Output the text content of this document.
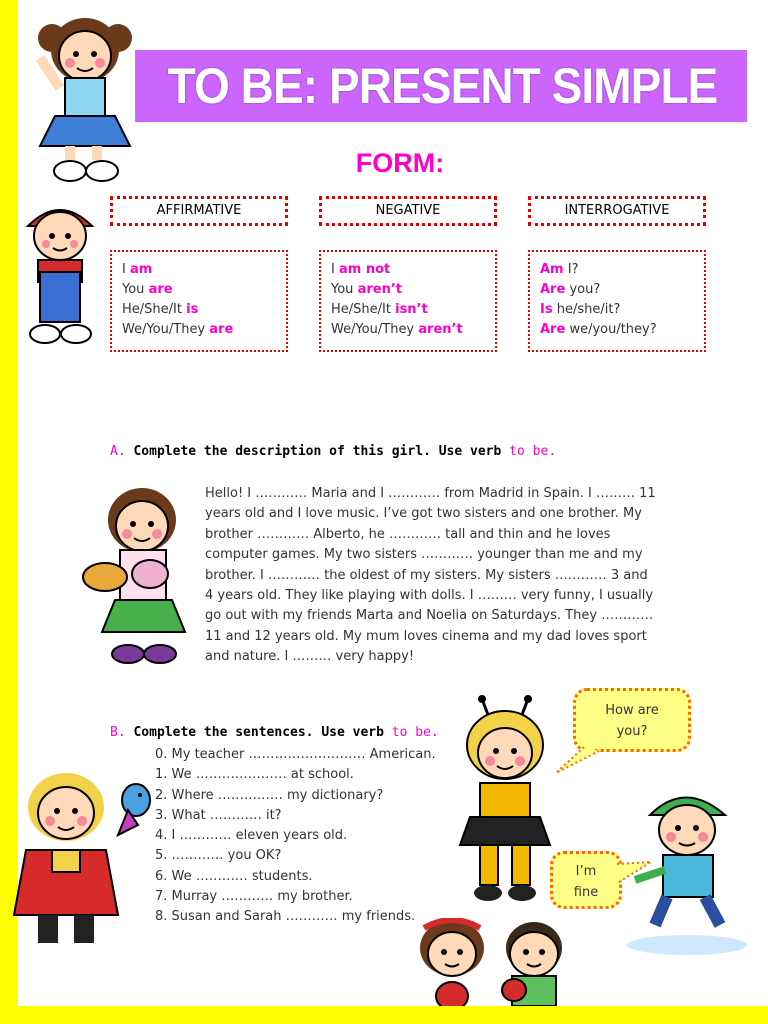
TO BE: PRESENT SIMPLE
FORM:
AFFIRMATIVE	NEGATIVE	INTERROGATIVE
I am
You are
He/She/It is
We/You/They are
I am not
You aren’t
He/She/It isn’t
We/You/They aren’t
Am I?
Are you?
Is he/she/it?
Are we/you/they?
A. Complete the description of this girl. Use verb to be.
Hello! I ………… Maria and I ………… from Madrid in Spain. I ……… 11 years old and I love music. I’ve got two sisters and one brother. My brother ………… Alberto, he ………… tall and thin and he loves computer games. My two sisters ………… younger than me and my brother. I ………… the oldest of my sisters. My sisters ………… 3 and 4 years old. They like playing with dolls. I ……… very funny, I usually go out with my friends Marta and Noelia on Saturdays. They ………… 11 and 12 years old. My mum loves cinema and my dad loves sport and nature. I ……… very happy!
B. Complete the sentences. Use verb to be.
0. My teacher ……………………… American.
1. We ………………… at school.
2. Where …………… my dictionary?
3. What ………… it?
4. I ………… eleven years old.
5. ………… you OK?
6. We ………… students.
7. Murray ………… my brother.
8. Susan and Sarah ………… my friends.
How are
you?
I’m
fine
